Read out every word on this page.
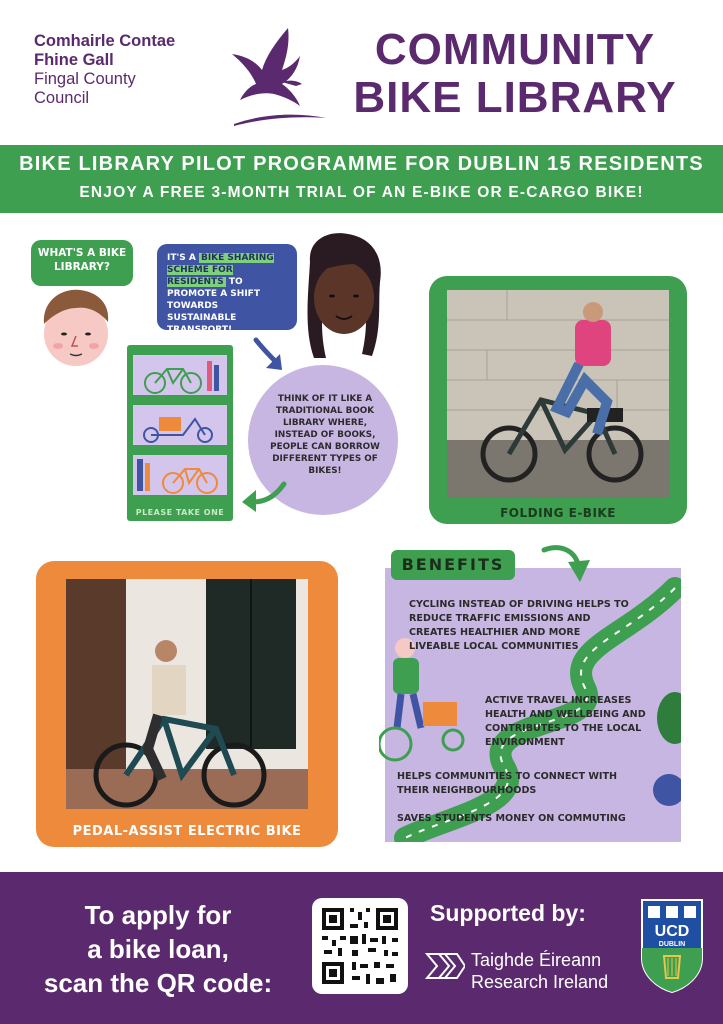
Comhairle Contae
Fhine Gall
Fingal County
Council
COMMUNITY
BIKE LIBRARY
BIKE LIBRARY PILOT PROGRAMME FOR DUBLIN 15 RESIDENTS
ENJOY A FREE 3-MONTH TRIAL OF AN E-BIKE OR E-CARGO BIKE!
WHAT'S A BIKE LIBRARY?
IT'S A BIKE SHARING SCHEME FOR RESIDENTS TO PROMOTE A SHIFT TOWARDS SUSTAINABLE TRANSPORT!
PLEASE TAKE ONE
THINK OF IT LIKE A TRADITIONAL BOOK LIBRARY WHERE, INSTEAD OF BOOKS, PEOPLE CAN BORROW DIFFERENT TYPES OF BIKES!
FOLDING E-BIKE
PEDAL-ASSIST ELECTRIC BIKE
CYCLING INSTEAD OF DRIVING HELPS TO REDUCE TRAFFIC EMISSIONS AND CREATES HEALTHIER AND MORE LIVEABLE LOCAL COMMUNITIES
ACTIVE TRAVEL INCREASES HEALTH AND WELLBEING AND CONTRIBUTES TO THE LOCAL ENVIRONMENT
HELPS COMMUNITIES TO CONNECT WITH THEIR NEIGHBOURHOODS
SAVES STUDENTS MONEY ON COMMUTING
BENEFITS
To apply for
a bike loan,
scan the QR code:
Supported by:
Taighde Éireann
Research Ireland
UCD
DUBLIN
